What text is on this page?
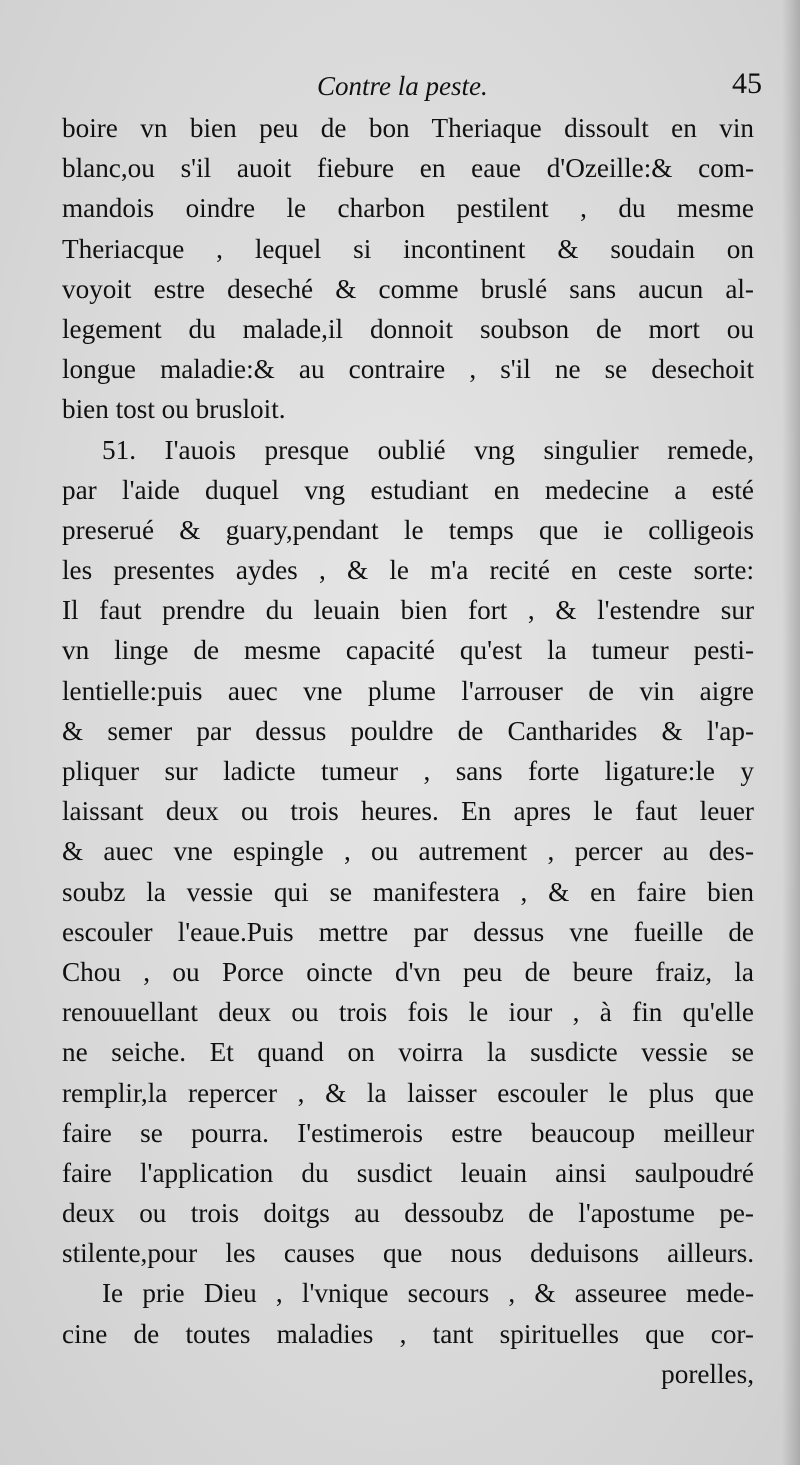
Contre la peste.	45
boire vn bien peu de bon Theriaque dissoult en vin
blanc,ou s'il auoit fiebure en eaue d'Ozeille:& com-
mandois oindre le charbon pestilent , du mesme
Theriacque , lequel si incontinent & soudain on
voyoit estre deseché & comme bruslé sans aucun al-
legement du malade,il donnoit soubson de mort ou
longue maladie:& au contraire , s'il ne se desechoit
bien tost ou brusloit.
51. I'auois presque oublié vng singulier remede,
par l'aide duquel vng estudiant en medecine a esté
preserué & guary,pendant le temps que ie colligeois
les presentes aydes , & le m'a recité en ceste sorte:
Il faut prendre du leuain bien fort , & l'estendre sur
vn linge de mesme capacité qu'est la tumeur pesti-
lentielle:puis auec vne plume l'arrouser de vin aigre
& semer par dessus pouldre de Cantharides & l'ap-
pliquer sur ladicte tumeur , sans forte ligature:le y
laissant deux ou trois heures. En apres le faut leuer
& auec vne espingle , ou autrement , percer au des-
soubz la vessie qui se manifestera , & en faire bien
escouler l'eaue.Puis mettre par dessus vne fueille de
Chou , ou Porce oincte d'vn peu de beure fraiz, la
renouuellant deux ou trois fois le iour , à fin qu'elle
ne seiche. Et quand on voirra la susdicte vessie se
remplir,la repercer , & la laisser escouler le plus que
faire se pourra. I'estimerois estre beaucoup meilleur
faire l'application du susdict leuain ainsi saulpoudré
deux ou trois doitgs au dessoubz de l'apostume pe-
stilente,pour les causes que nous deduisons ailleurs.
Ie prie Dieu , l'vnique secours , & asseuree mede-
cine de toutes maladies , tant spirituelles que cor-
porelles,
